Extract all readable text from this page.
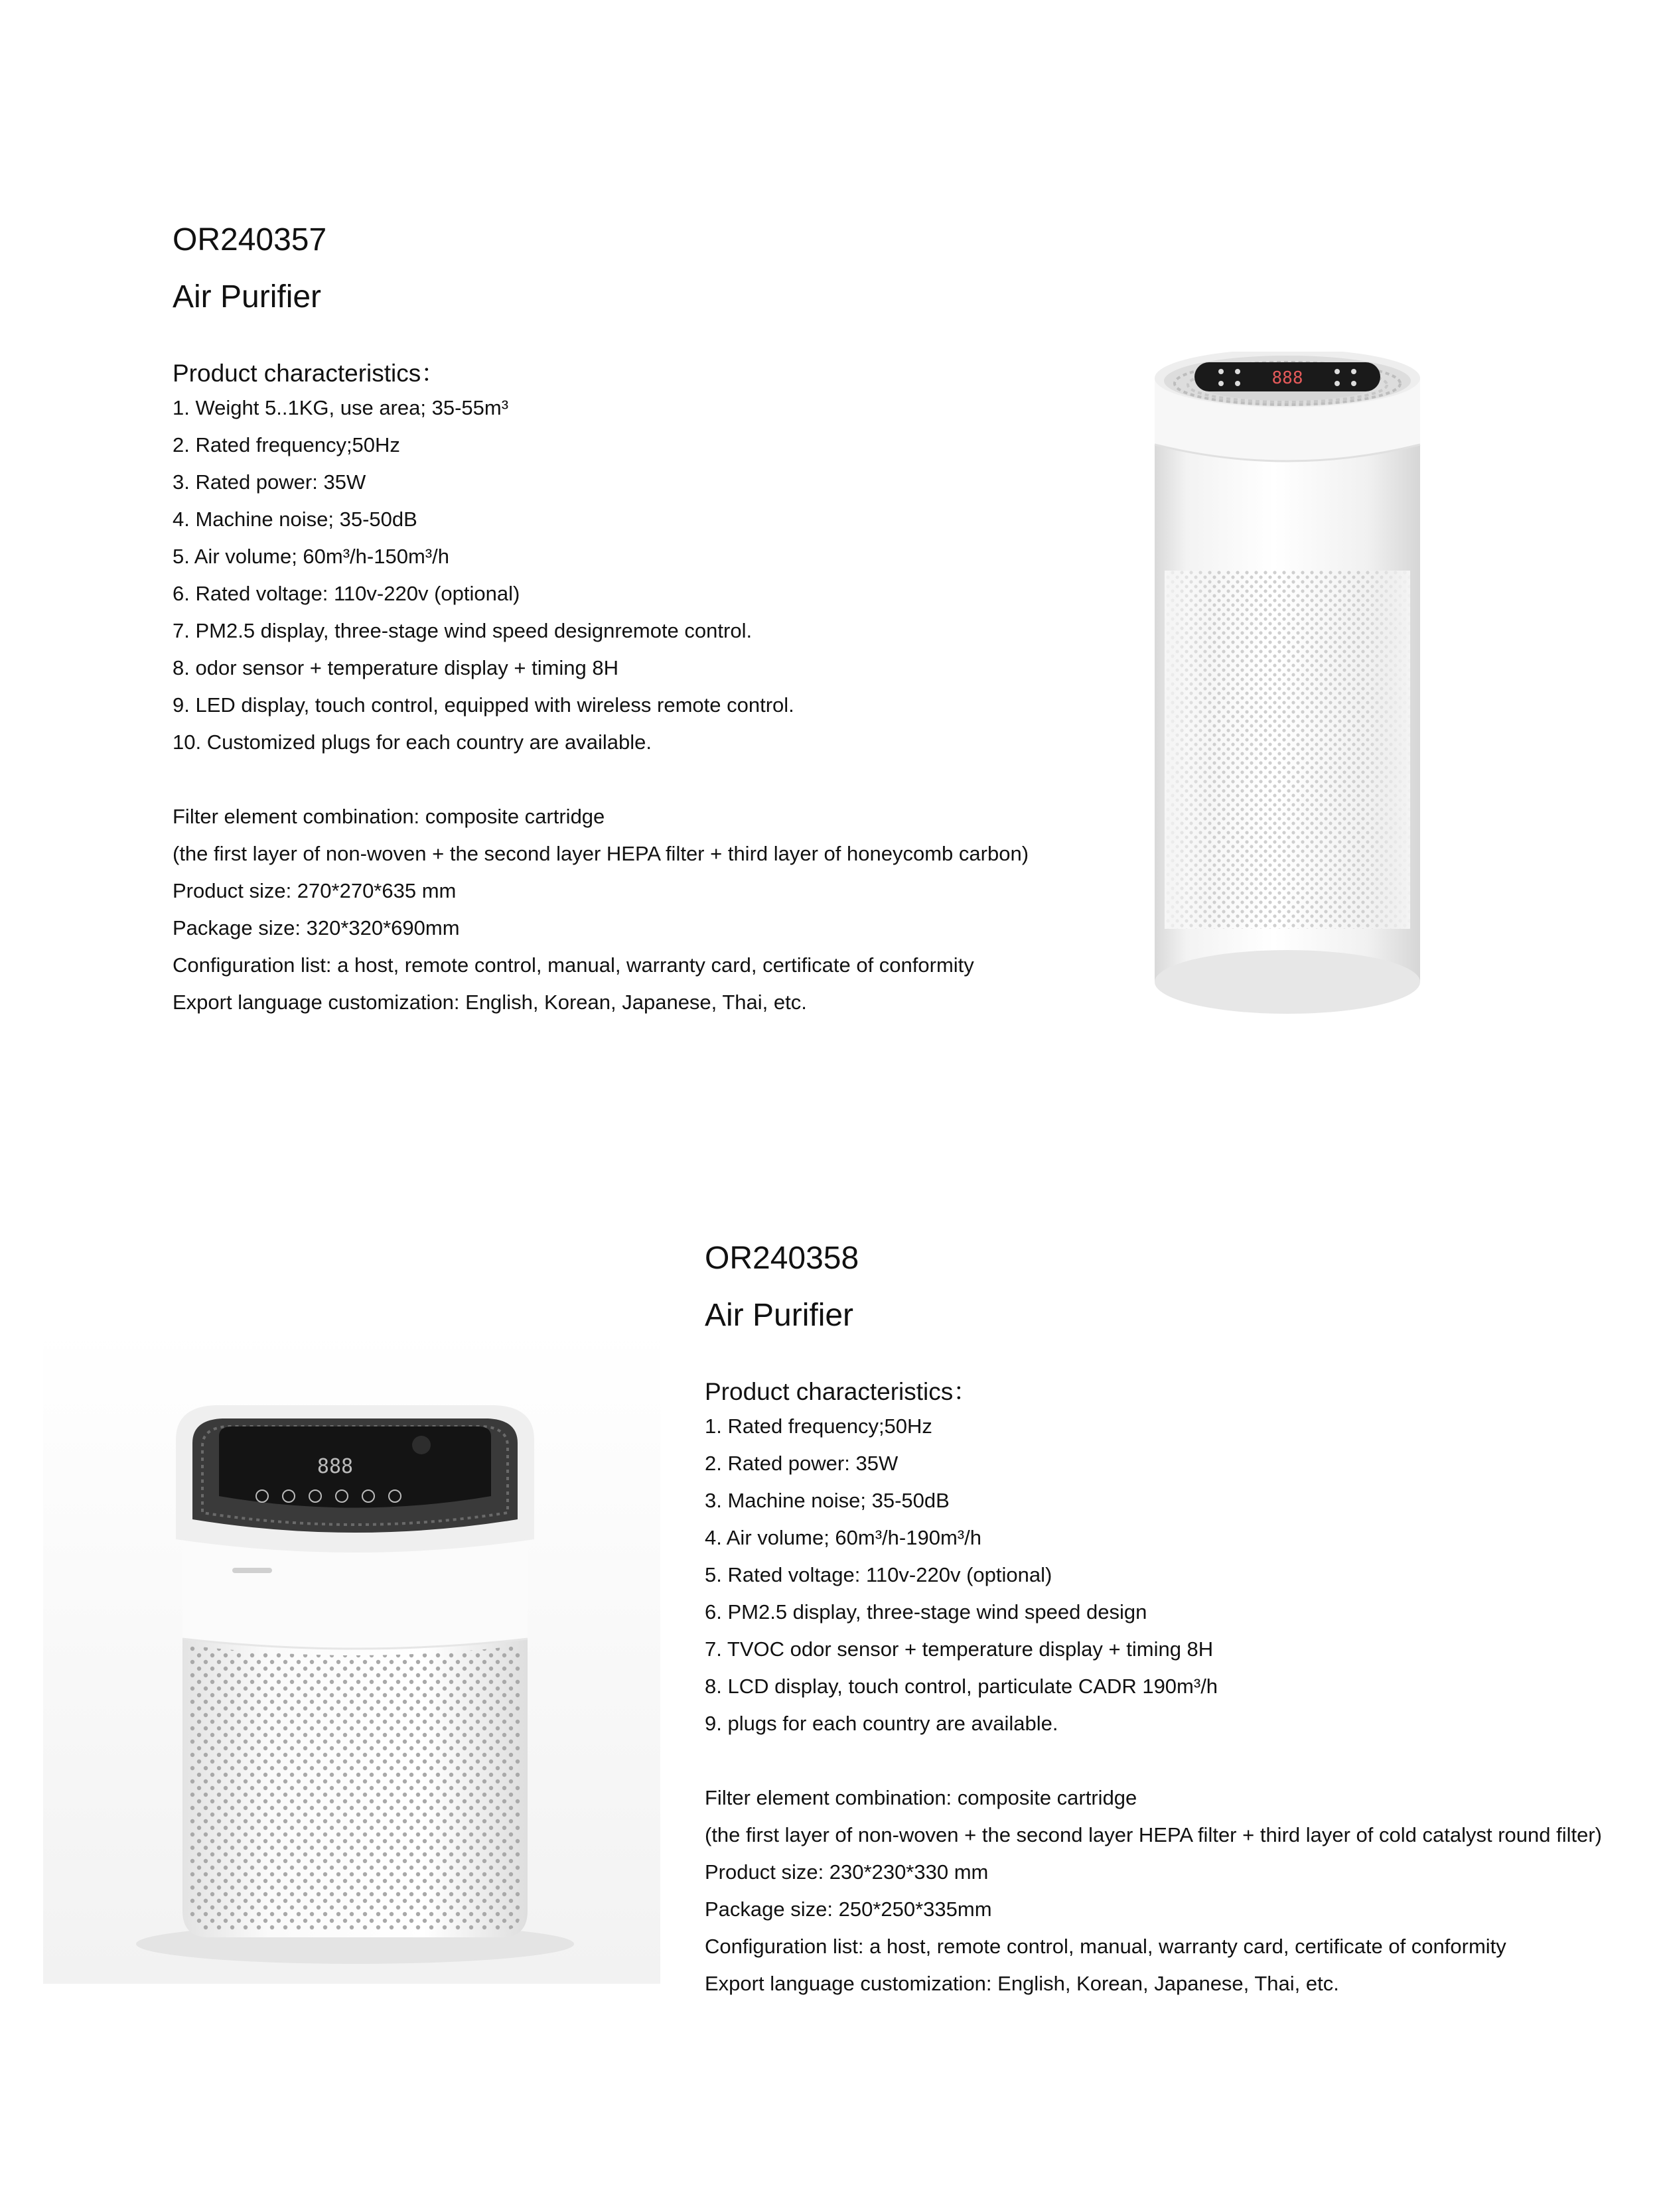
OR240357
Air Purifier
Product characteristics：
1. Weight 5..1KG, use area; 35-55m³
2. Rated frequency;50Hz
3. Rated power: 35W
4. Machine noise; 35-50dB
5. Air volume; 60m³/h-150m³/h
6. Rated voltage: 110v-220v (optional)
7. PM2.5 display, three-stage wind speed designremote control.
8. odor sensor + temperature display + timing 8H
9. LED display, touch control, equipped with wireless remote control.
10. Customized plugs for each country are available.
Filter element combination: composite cartridge
(the first layer of non-woven + the second layer HEPA filter + third layer of honeycomb carbon)
Product size: 270*270*635 mm
Package size: 320*320*690mm
Configuration list: a host, remote control, manual, warranty card, certificate of conformity
Export language customization: English, Korean, Japanese, Thai, etc.
888
OR240358
Air Purifier
Product characteristics：
1. Rated frequency;50Hz
2. Rated power: 35W
3. Machine noise; 35-50dB
4. Air volume; 60m³/h-190m³/h
5. Rated voltage: 110v-220v (optional)
6. PM2.5 display, three-stage wind speed design
7. TVOC odor sensor + temperature display + timing 8H
8. LCD display, touch control, particulate CADR 190m³/h
9. plugs for each country are available.
Filter element combination: composite cartridge
(the first layer of non-woven + the second layer HEPA filter + third layer of cold catalyst round filter)
Product size: 230*230*330 mm
Package size: 250*250*335mm
Configuration list: a host, remote control, manual, warranty card, certificate of conformity
Export language customization: English, Korean, Japanese, Thai, etc.
888
